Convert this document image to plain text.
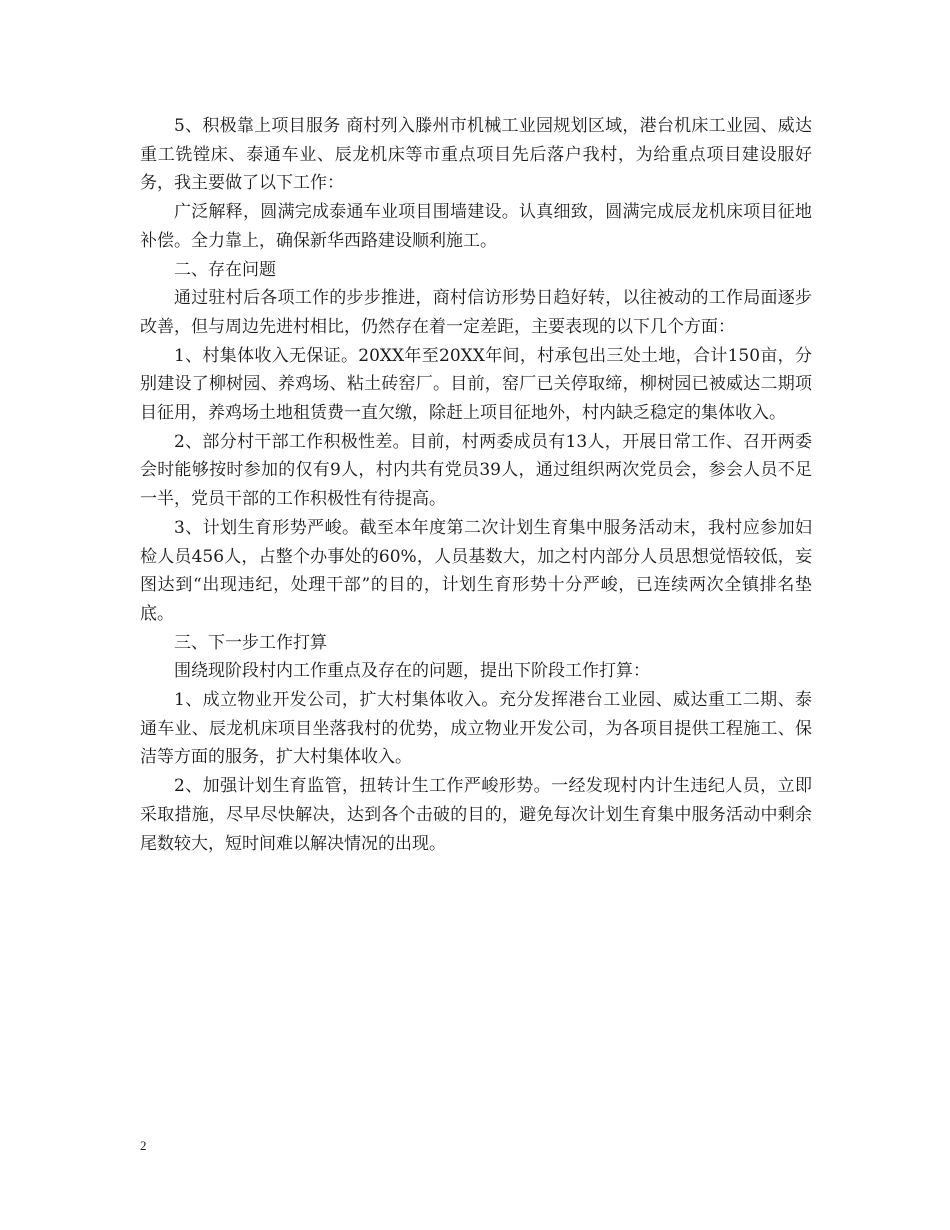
5、积极靠上项目服务 商村列入滕州市机械工业园规划区域，港台机床工业园、威达重工铣镗床、泰通车业、辰龙机床等市重点项目先后落户我村，为给重点项目建设服好务，我主要做了以下工作：

广泛解释，圆满完成泰通车业项目围墙建设。认真细致，圆满完成辰龙机床项目征地补偿。全力靠上，确保新华西路建设顺利施工。

二、存在问题

通过驻村后各项工作的步步推进，商村信访形势日趋好转，以往被动的工作局面逐步改善，但与周边先进村相比，仍然存在着一定差距，主要表现的以下几个方面：

1、村集体收入无保证。20XX年至20XX年间，村承包出三处土地，合计150亩，分别建设了柳树园、养鸡场、粘土砖窑厂。目前，窑厂已关停取缔，柳树园已被威达二期项目征用，养鸡场土地租赁费一直欠缴，除赶上项目征地外，村内缺乏稳定的集体收入。

2、部分村干部工作积极性差。目前，村两委成员有13人，开展日常工作、召开两委会时能够按时参加的仅有9人，村内共有党员39人，通过组织两次党员会，参会人员不足一半，党员干部的工作积极性有待提高。

3、计划生育形势严峻。截至本年度第二次计划生育集中服务活动末，我村应参加妇检人员456人，占整个办事处的60%，人员基数大，加之村内部分人员思想觉悟较低，妄图达到“出现违纪，处理干部”的目的，计划生育形势十分严峻，已连续两次全镇排名垫底。

三、下一步工作打算

围绕现阶段村内工作重点及存在的问题，提出下阶段工作打算：

1、成立物业开发公司，扩大村集体收入。充分发挥港台工业园、威达重工二期、泰通车业、辰龙机床项目坐落我村的优势，成立物业开发公司，为各项目提供工程施工、保洁等方面的服务，扩大村集体收入。

2、加强计划生育监管，扭转计生工作严峻形势。一经发现村内计生违纪人员，立即采取措施，尽早尽快解决，达到各个击破的目的，避免每次计划生育集中服务活动中剩余尾数较大，短时间难以解决情况的出现。

2
